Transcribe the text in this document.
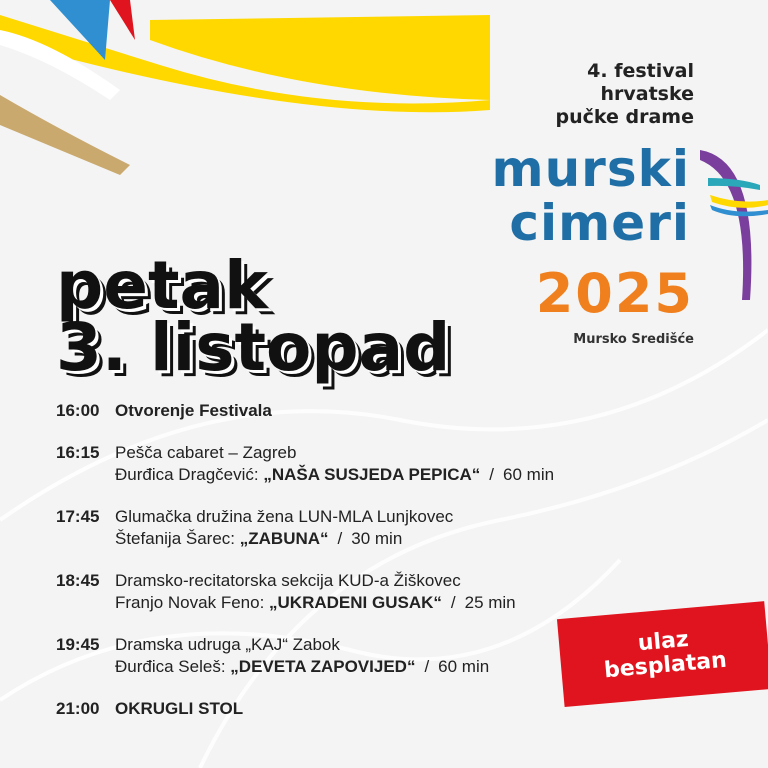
4. festival
hrvatske
pučke drame
murski
cimeri
2025
Mursko Središće
petak
3. listopad
16:00 Otvorenje Festivala
16:15 Pešča cabaret – Zagreb
Đurđica Dragčević: „NAŠA SUSJEDA PEPICA“ / 60 min
17:45 Glumačka družina žena LUN-MLA Lunjkovec
Štefanija Šarec: „ZABUNA“ / 30 min
18:45 Dramsko-recitatorska sekcija KUD-a Žiškovec
Franjo Novak Feno: „UKRADENI GUSAK“ / 25 min
19:45 Dramska udruga „KAJ“ Zabok
Đurđica Seleš: „DEVETA ZAPOVIJED“ / 60 min
21:00 OKRUGLI STOL
ulaz
besplatan
